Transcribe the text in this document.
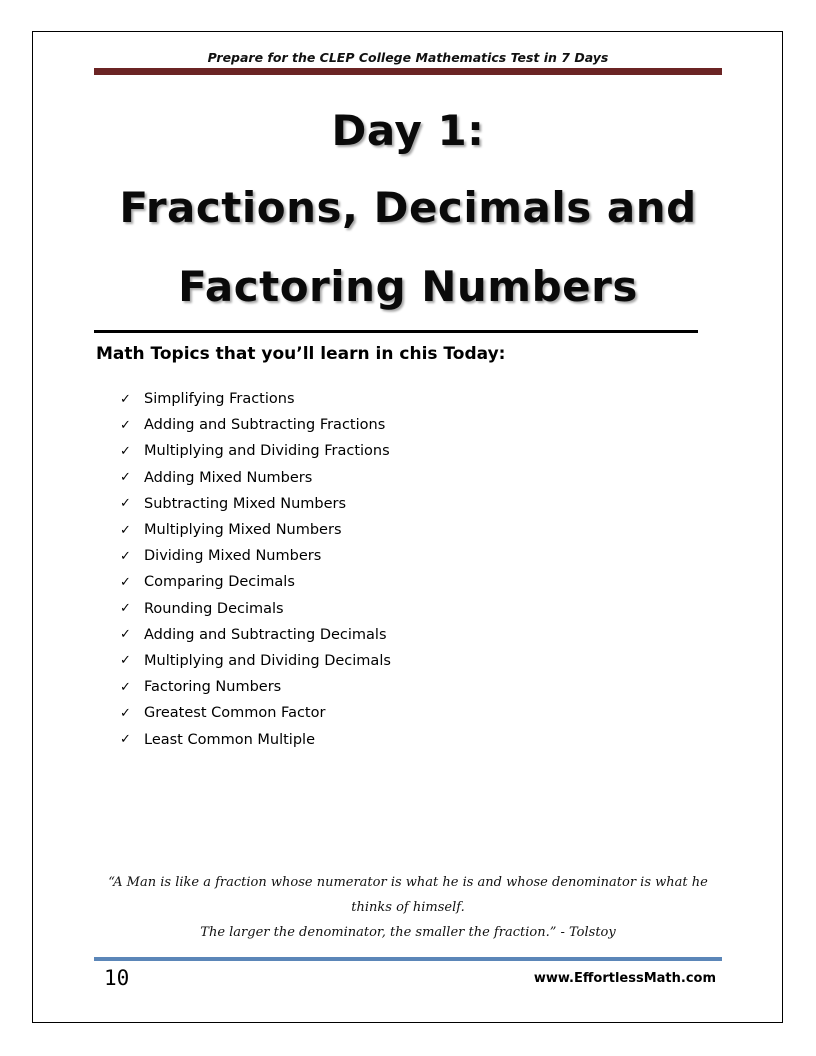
Prepare for the CLEP College Mathematics Test in 7 Days
Day 1:
Fractions, Decimals and
Factoring Numbers
Math Topics that you’ll learn in chis Today:
✓ Simplifying Fractions
✓ Adding and Subtracting Fractions
✓ Multiplying and Dividing Fractions
✓ Adding Mixed Numbers
✓ Subtracting Mixed Numbers
✓ Multiplying Mixed Numbers
✓ Dividing Mixed Numbers
✓ Comparing Decimals
✓ Rounding Decimals
✓ Adding and Subtracting Decimals
✓ Multiplying and Dividing Decimals
✓ Factoring Numbers
✓ Greatest Common Factor
✓ Least Common Multiple
“A Man is like a fraction whose numerator is what he is and whose denominator is what he thinks of himself.
The larger the denominator, the smaller the fraction.” - Tolstoy
10	www.EffortlessMath.com
